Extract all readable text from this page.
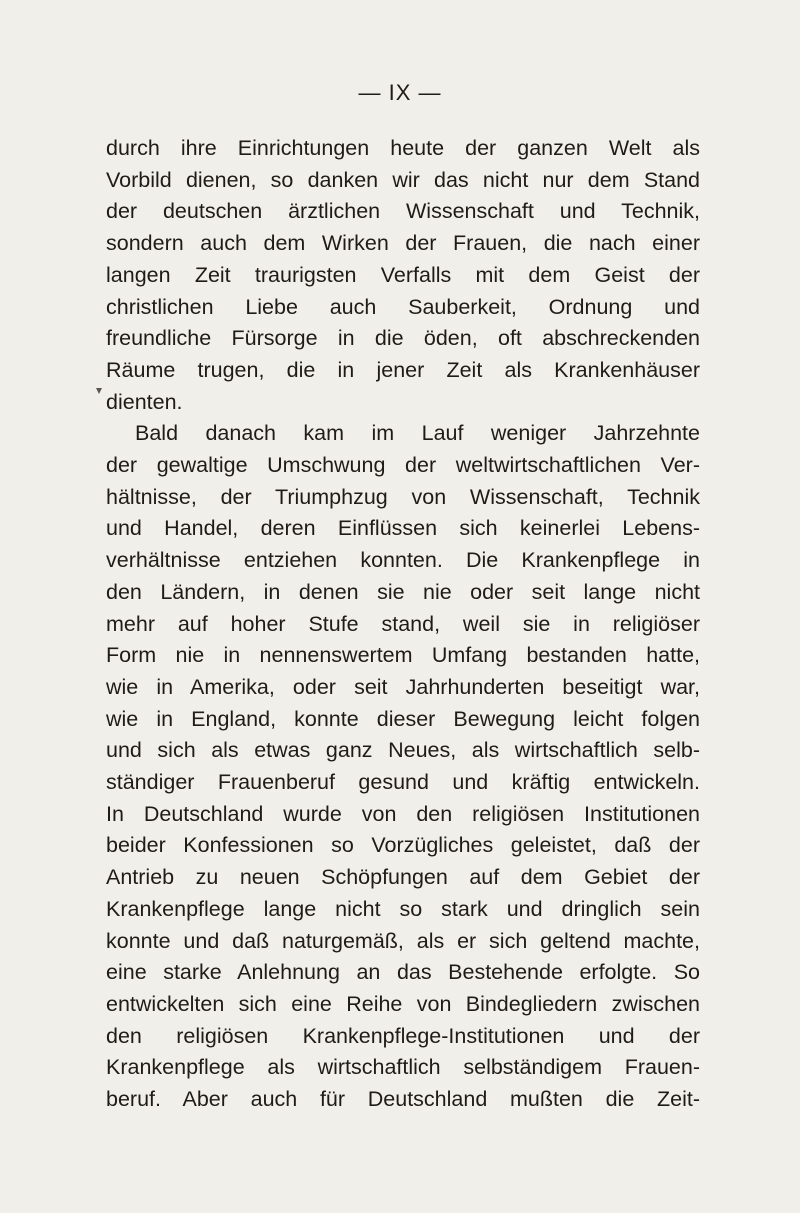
— IX —
durch ihre Einrichtungen heute der ganzen Welt als
Vorbild dienen, so danken wir das nicht nur dem Stand
der deutschen ärztlichen Wissenschaft und Technik,
sondern auch dem Wirken der Frauen, die nach einer
langen Zeit traurigsten Verfalls mit dem Geist der
christlichen Liebe auch Sauberkeit, Ordnung und
freundliche Fürsorge in die öden, oft abschreckenden
Räume trugen, die in jener Zeit als Krankenhäuser
dienten.
Bald danach kam im Lauf weniger Jahrzehnte
der gewaltige Umschwung der weltwirtschaftlichen Ver-
hältnisse, der Triumphzug von Wissenschaft, Technik
und Handel, deren Einflüssen sich keinerlei Lebens-
verhältnisse entziehen konnten. Die Krankenpflege in
den Ländern, in denen sie nie oder seit lange nicht
mehr auf hoher Stufe stand, weil sie in religiöser
Form nie in nennenswertem Umfang bestanden hatte,
wie in Amerika, oder seit Jahrhunderten beseitigt war,
wie in England, konnte dieser Bewegung leicht folgen
und sich als etwas ganz Neues, als wirtschaftlich selb-
ständiger Frauenberuf gesund und kräftig entwickeln.
In Deutschland wurde von den religiösen Institutionen
beider Konfessionen so Vorzügliches geleistet, daß der
Antrieb zu neuen Schöpfungen auf dem Gebiet der
Krankenpflege lange nicht so stark und dringlich sein
konnte und daß naturgemäß, als er sich geltend machte,
eine starke Anlehnung an das Bestehende erfolgte. So
entwickelten sich eine Reihe von Bindegliedern zwischen
den religiösen Krankenpflege-Institutionen und der
Krankenpflege als wirtschaftlich selbständigem Frauen-
beruf. Aber auch für Deutschland mußten die Zeit-
